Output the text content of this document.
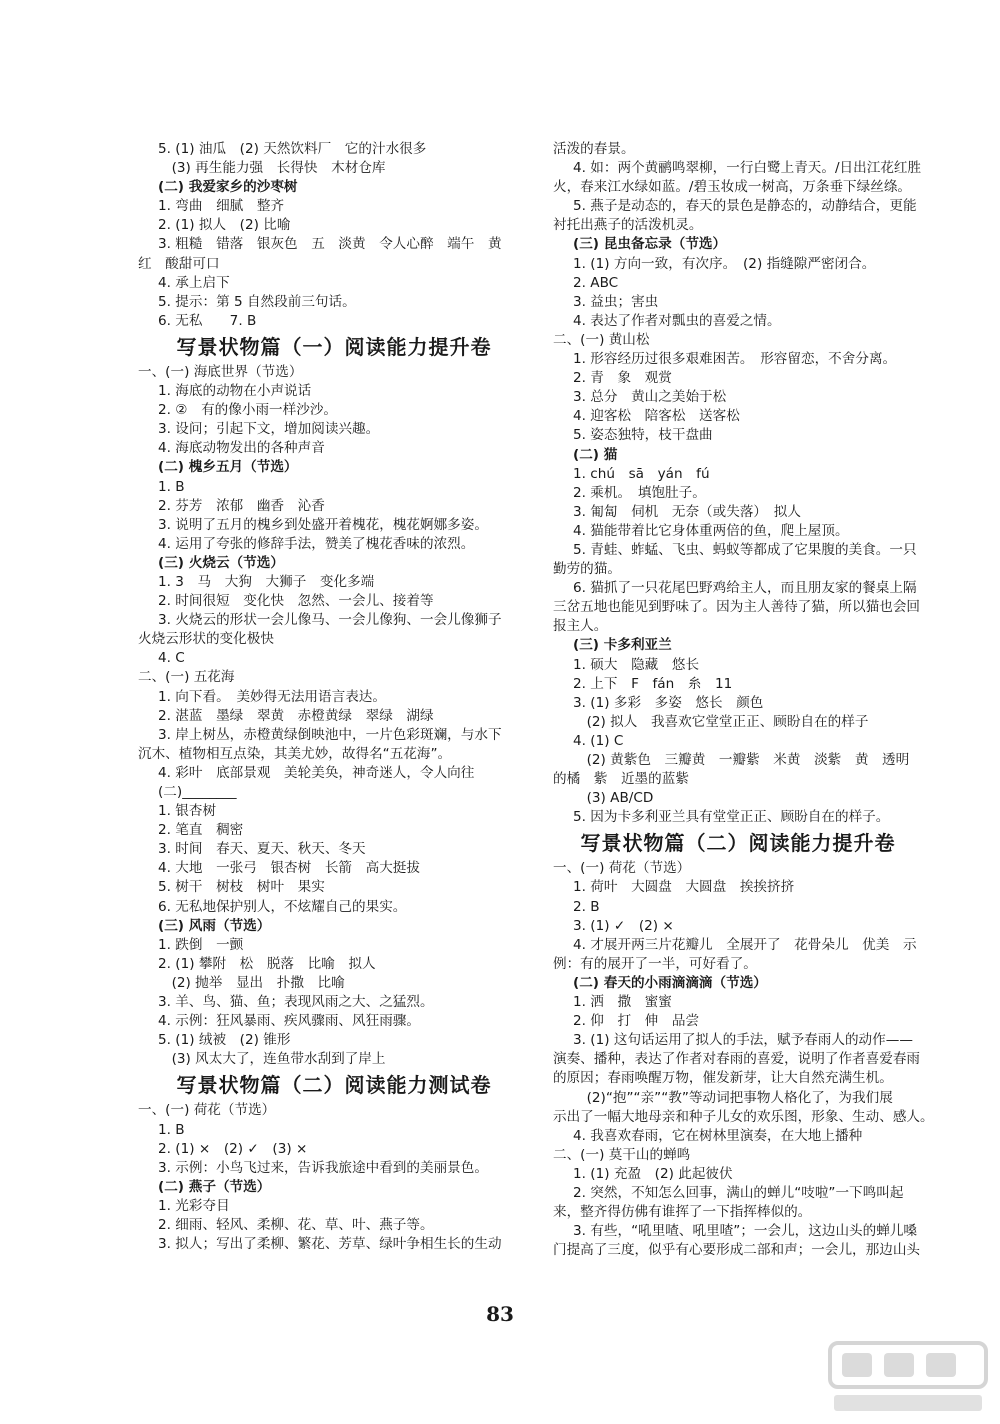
5. (1) 油瓜　(2) 天然饮料厂　它的汁水很多
　(3) 再生能力强　长得快　木材仓库
(二) 我爱家乡的沙枣树
1. 弯曲　细腻　整齐
2. (1) 拟人　(2) 比喻
3. 粗糙　错落　银灰色　五　淡黄　令人心醉　端午　黄
红　酸甜可口
4. 承上启下
5. 提示：第 5 自然段前三句话。
6. 无私　　7. B
写景状物篇（一）阅读能力提升卷
一、(一) 海底世界（节选）
1. 海底的动物在小声说话
2. ②　有的像小雨一样沙沙。
3. 设问；引起下文，增加阅读兴趣。
4. 海底动物发出的各种声音
(二) 槐乡五月（节选）
1. B
2. 芬芳　浓郁　幽香　沁香
3. 说明了五月的槐乡到处盛开着槐花，槐花婀娜多姿。
4. 运用了夸张的修辞手法，赞美了槐花香味的浓烈。
(三) 火烧云（节选）
1. 3　马　大狗　大狮子　变化多端
2. 时间很短　变化快　忽然、一会儿、接着等
3. 火烧云的形状一会儿像马、一会儿像狗、一会儿像狮子
火烧云形状的变化极快
4. C
二、(一) 五花海
1. 向下看。　美妙得无法用语言表达。
2. 湛蓝　墨绿　翠黄　赤橙黄绿　翠绿　湖绿
3. 岸上树丛，赤橙黄绿倒映池中，一片色彩斑斓，与水下
沉木、植物相互点染，其美尤妙，故得名“五花海”。
4. 彩叶　底部景观　美轮美奂，神奇迷人，令人向往
(二)________
1. 银杏树
2. 笔直　稠密
3. 时间　春天、夏天、秋天、冬天
4. 大地　一张弓　银杏树　长箭　高大挺拔
5. 树干　树枝　树叶　果实
6. 无私地保护别人，不炫耀自己的果实。
(三) 风雨（节选）
1. 跌倒　一颤
2. (1) 攀附　松　脱落　比喻　拟人
　(2) 抛举　显出　扑撒　比喻
3. 羊、鸟、猫、鱼；表现风雨之大、之猛烈。
4. 示例：狂风暴雨、疾风骤雨、风狂雨骤。
5. (1) 绒被　(2) 锥形
　(3) 风太大了，连鱼带水刮到了岸上
写景状物篇（二）阅读能力测试卷
一、(一) 荷花（节选）
1. B
2. (1) ×　(2) ✓　(3) ×
3. 示例：小鸟飞过来，告诉我旅途中看到的美丽景色。
(二) 燕子（节选）
1. 光彩夺目
2. 细雨、轻风、柔柳、花、草、叶、燕子等。
3. 拟人；写出了柔柳、繁花、芳草、绿叶争相生长的生动
活泼的春景。
4. 如：两个黄鹂鸣翠柳，一行白鹭上青天。/日出江花红胜
火，春来江水绿如蓝。/碧玉妆成一树高，万条垂下绿丝绦。
5. 燕子是动态的，春天的景色是静态的，动静结合，更能
衬托出燕子的活泼机灵。
(三) 昆虫备忘录（节选）
1. (1) 方向一致，有次序。　(2) 指缝隙严密闭合。
2. ABC
3. 益虫；害虫
4. 表达了作者对瓢虫的喜爱之情。
二、(一) 黄山松
1. 形容经历过很多艰难困苦。　形容留恋，不舍分离。
2. 青　象　观赏
3. 总分　黄山之美始于松
4. 迎客松　陪客松　送客松
5. 姿态独特，枝干盘曲
(二) 猫
1. chú　sā　yán　fú
2. 乘机。　填饱肚子。
3. 匍匐　伺机　无奈（或失落）　拟人
4. 猫能带着比它身体重两倍的鱼，爬上屋顶。
5. 青蛙、蚱蜢、飞虫、蚂蚁等都成了它果腹的美食。一只
勤劳的猫。
6. 猫抓了一只花尾巴野鸡给主人，而且朋友家的餐桌上隔
三岔五地也能见到野味了。因为主人善待了猫，所以猫也会回
报主人。
(三) 卡多利亚兰
1. 硕大　隐藏　悠长
2. 上下　F　fán　糸　11
3. (1) 多彩　多姿　悠长　颜色
　(2) 拟人　我喜欢它堂堂正正、顾盼自在的样子
4. (1) C
　(2) 黄紫色　三瓣黄　一瓣紫　米黄　淡紫　黄　透明
的橘　紫　近墨的蓝紫
　(3) AB/CD
5. 因为卡多利亚兰具有堂堂正正、顾盼自在的样子。
写景状物篇（二）阅读能力提升卷
一、(一) 荷花（节选）
1. 荷叶　大圆盘　大圆盘　挨挨挤挤
2. B
3. (1) ✓　(2) ×
4. 才展开两三片花瓣儿　全展开了　花骨朵儿　优美　示
例：有的展开了一半，可好看了。
(二) 春天的小雨滴滴滴（节选）
1. 洒　撒　蜜蜜
2. 仰　打　伸　品尝
3. (1) 这句话运用了拟人的手法，赋予春雨人的动作——
演奏、播种，表达了作者对春雨的喜爱，说明了作者喜爱春雨
的原因；春雨唤醒万物，催发新芽，让大自然充满生机。
　(2)“抱”“亲”“教”等动词把事物人格化了，为我们展
示出了一幅大地母亲和种子儿女的欢乐图，形象、生动、感人。
4. 我喜欢春雨，它在树林里演奏，在大地上播种
二、(一) 莫干山的蝉鸣
1. (1) 充盈　(2) 此起彼伏
2. 突然，不知怎么回事，满山的蝉儿“吱啦”一下鸣叫起
来，整齐得仿佛有谁挥了一下指挥棒似的。
3. 有些，“吼里喳、吼里喳”；一会儿，这边山头的蝉儿嗓
门提高了三度，似乎有心要形成二部和声；一会儿，那边山头
83
